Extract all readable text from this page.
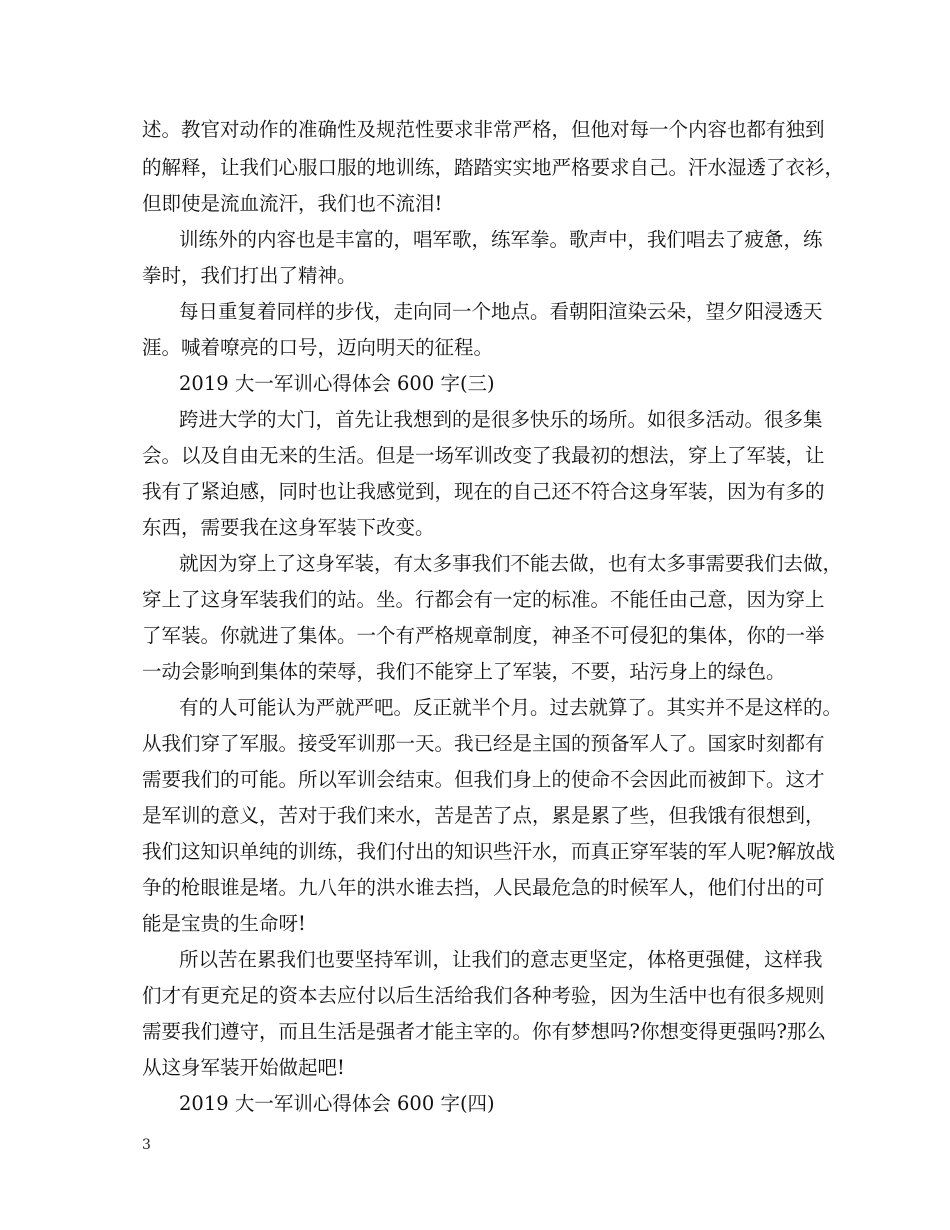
述。教官对动作的准确性及规范性要求非常严格，但他对每一个内容也都有独到
的解释，让我们心服口服的地训练，踏踏实实地严格要求自己。汗水湿透了衣衫，
但即使是流血流汗，我们也不流泪!
训练外的内容也是丰富的，唱军歌，练军拳。歌声中，我们唱去了疲惫，练
拳时，我们打出了精神。
每日重复着同样的步伐，走向同一个地点。看朝阳渲染云朵，望夕阳浸透天
涯。喊着嘹亮的口号，迈向明天的征程。
2019 大一军训心得体会 600 字(三)
跨进大学的大门，首先让我想到的是很多快乐的场所。如很多活动。很多集
会。以及自由无来的生活。但是一场军训改变了我最初的想法，穿上了军装，让
我有了紧迫感，同时也让我感觉到，现在的自己还不符合这身军装，因为有多的
东西，需要我在这身军装下改变。
就因为穿上了这身军装，有太多事我们不能去做，也有太多事需要我们去做，
穿上了这身军装我们的站。坐。行都会有一定的标准。不能任由己意，因为穿上
了军装。你就进了集体。一个有严格规章制度，神圣不可侵犯的集体，你的一举
一动会影响到集体的荣辱，我们不能穿上了军装，不要，玷污身上的绿色。
有的人可能认为严就严吧。反正就半个月。过去就算了。其实并不是这样的。
从我们穿了军服。接受军训那一天。我已经是主国的预备军人了。国家时刻都有
需要我们的可能。所以军训会结束。但我们身上的使命不会因此而被卸下。这才
是军训的意义，苦对于我们来水，苦是苦了点，累是累了些，但我饿有很想到，
我们这知识单纯的训练，我们付出的知识些汗水，而真正穿军装的军人呢?解放战
争的枪眼谁是堵。九八年的洪水谁去挡，人民最危急的时候军人，他们付出的可
能是宝贵的生命呀!
所以苦在累我们也要坚持军训，让我们的意志更坚定，体格更强健，这样我
们才有更充足的资本去应付以后生活给我们各种考验，因为生活中也有很多规则
需要我们遵守，而且生活是强者才能主宰的。你有梦想吗?你想变得更强吗?那么
从这身军装开始做起吧!
2019 大一军训心得体会 600 字(四)
3
